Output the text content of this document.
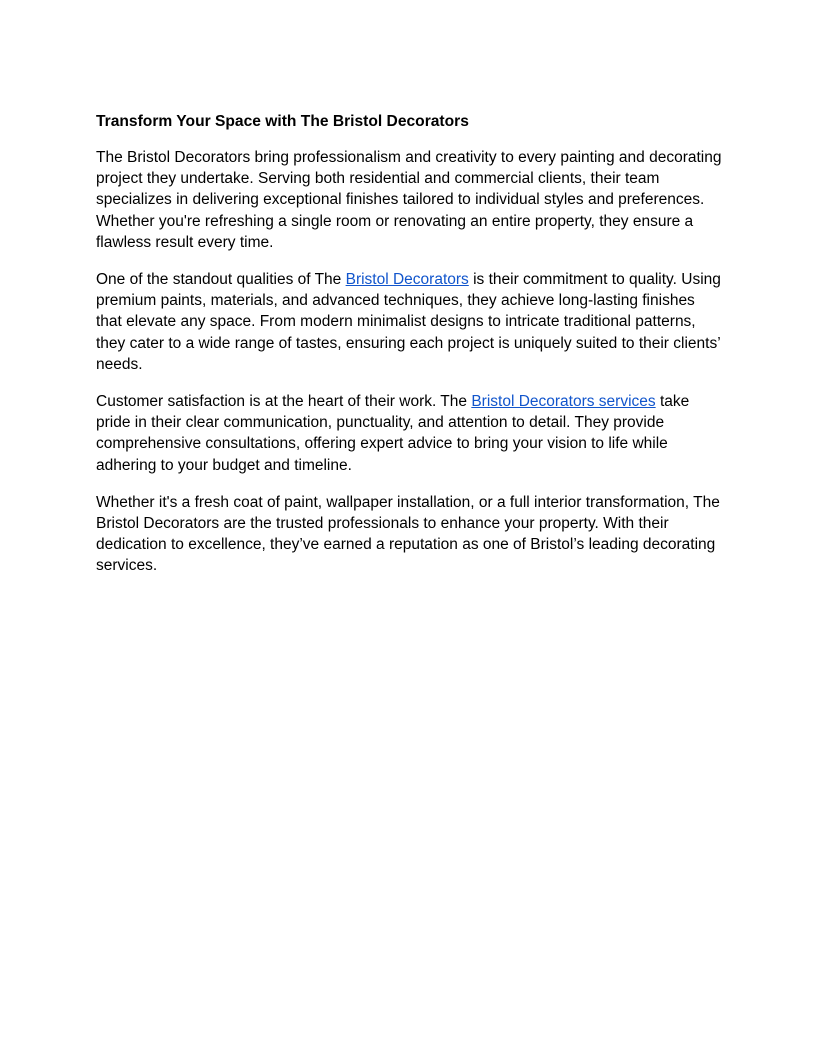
Transform Your Space with The Bristol Decorators

The Bristol Decorators bring professionalism and creativity to every painting and decorating project they undertake. Serving both residential and commercial clients, their team specializes in delivering exceptional finishes tailored to individual styles and preferences. Whether you're refreshing a single room or renovating an entire property, they ensure a flawless result every time.

One of the standout qualities of The Bristol Decorators is their commitment to quality. Using premium paints, materials, and advanced techniques, they achieve long-lasting finishes that elevate any space. From modern minimalist designs to intricate traditional patterns, they cater to a wide range of tastes, ensuring each project is uniquely suited to their clients’ needs.

Customer satisfaction is at the heart of their work. The Bristol Decorators services take pride in their clear communication, punctuality, and attention to detail. They provide comprehensive consultations, offering expert advice to bring your vision to life while adhering to your budget and timeline.

Whether it's a fresh coat of paint, wallpaper installation, or a full interior transformation, The Bristol Decorators are the trusted professionals to enhance your property. With their dedication to excellence, they’ve earned a reputation as one of Bristol’s leading decorating services.
